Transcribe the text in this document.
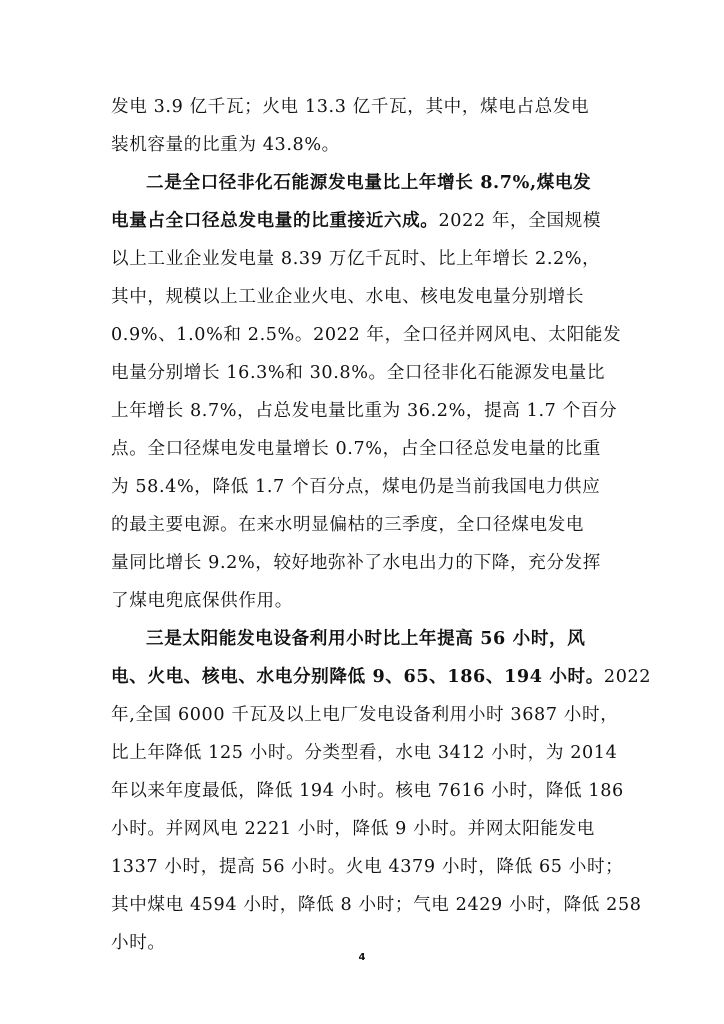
发电 3.9 亿千瓦；火电 13.3 亿千瓦，其中，煤电占总发电
装机容量的比重为 43.8%。
二是全口径非化石能源发电量比上年增长 8.7%,煤电发
电量占全口径总发电量的比重接近六成。2022 年，全国规模
以上工业企业发电量 8.39 万亿千瓦时、比上年增长 2.2%，
其中，规模以上工业企业火电、水电、核电发电量分别增长
0.9%、1.0%和 2.5%。2022 年，全口径并网风电、太阳能发
电量分别增长 16.3%和 30.8%。全口径非化石能源发电量比
上年增长 8.7%，占总发电量比重为 36.2%，提高 1.7 个百分
点。全口径煤电发电量增长 0.7%，占全口径总发电量的比重
为 58.4%，降低 1.7 个百分点，煤电仍是当前我国电力供应
的最主要电源。在来水明显偏枯的三季度，全口径煤电发电
量同比增长 9.2%，较好地弥补了水电出力的下降，充分发挥
了煤电兜底保供作用。
三是太阳能发电设备利用小时比上年提高 56 小时，风
电、火电、核电、水电分别降低 9、65、186、194 小时。2022
年,全国 6000 千瓦及以上电厂发电设备利用小时 3687 小时，
比上年降低 125 小时。分类型看，水电 3412 小时，为 2014
年以来年度最低，降低 194 小时。核电 7616 小时，降低 186
小时。并网风电 2221 小时，降低 9 小时。并网太阳能发电
1337 小时，提高 56 小时。火电 4379 小时，降低 65 小时；
其中煤电 4594 小时，降低 8 小时；气电 2429 小时，降低 258
小时。
4
